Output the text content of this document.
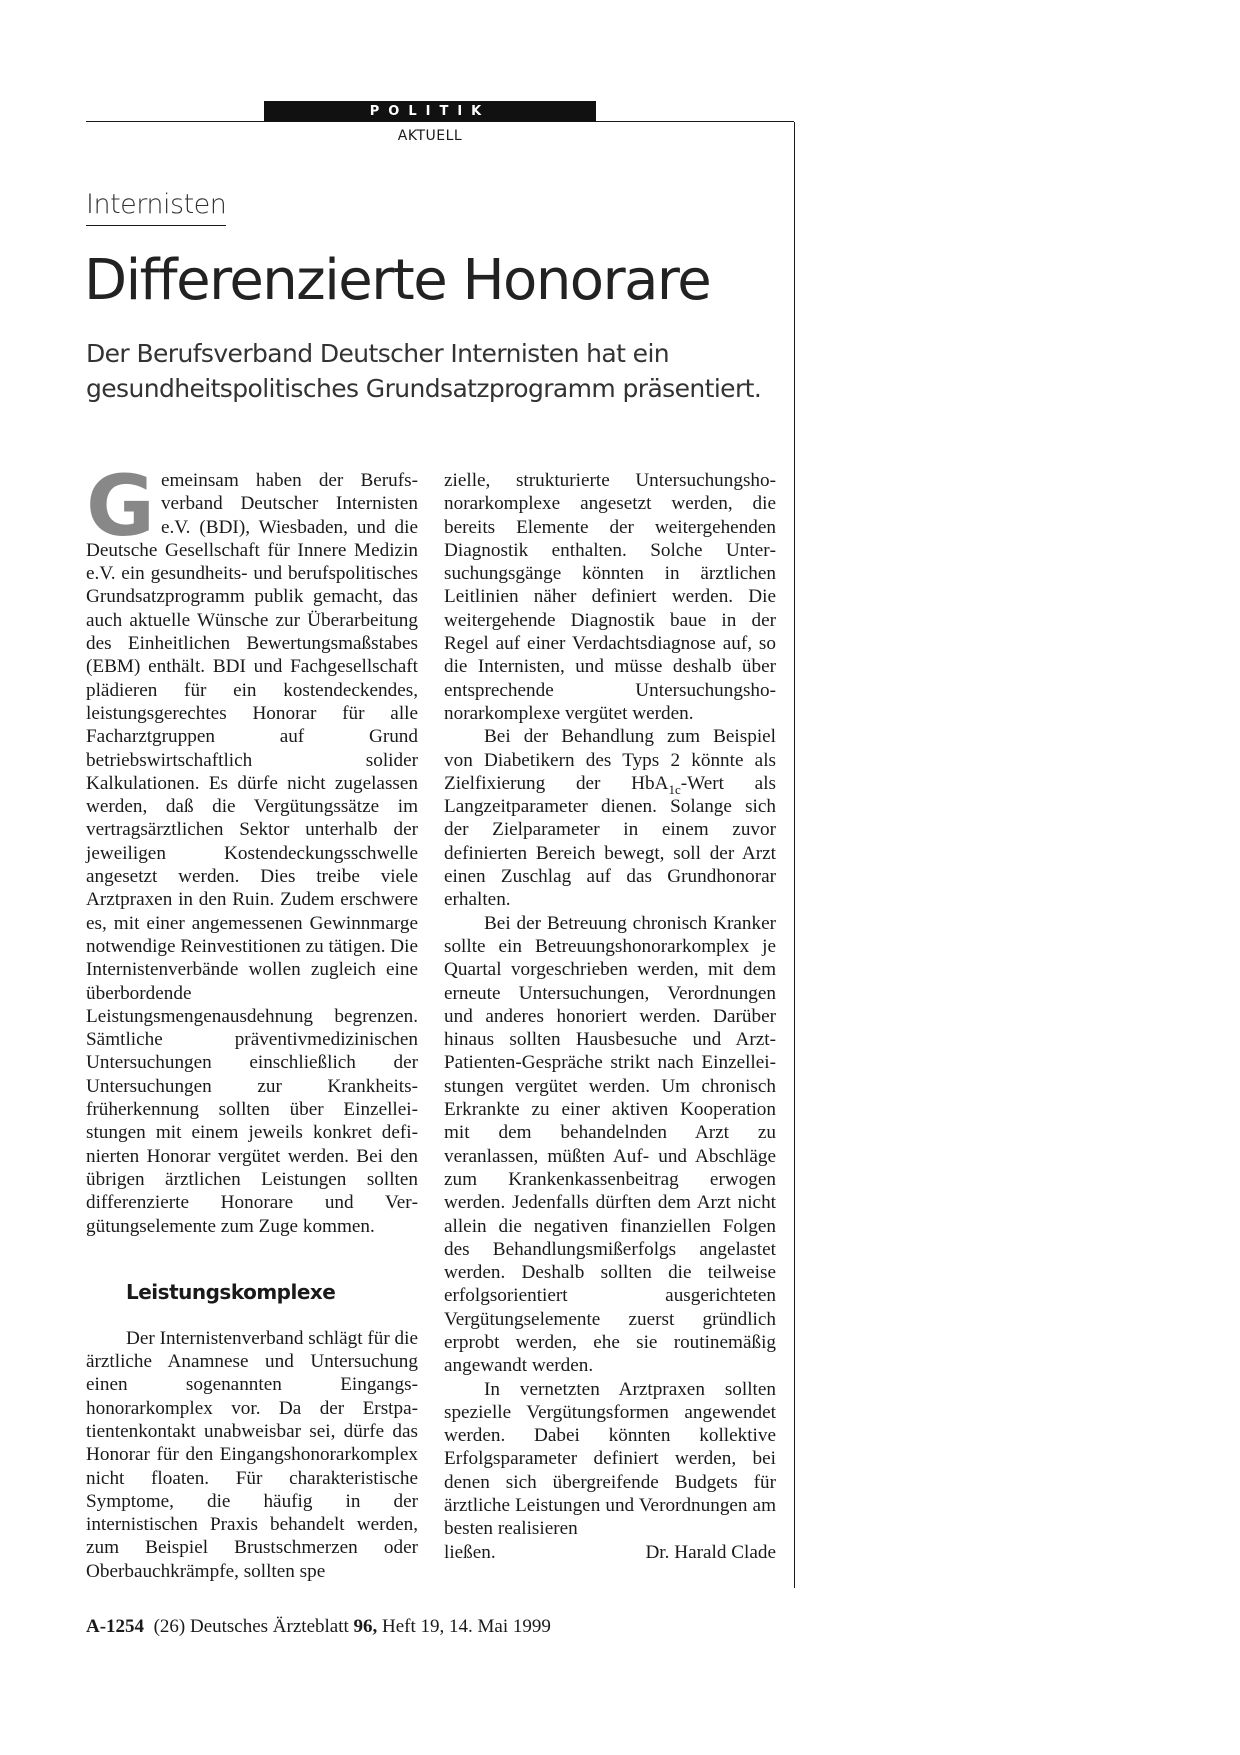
POLITIK
AKTUELL
Internisten
Differenzierte Honorare
Der Berufsverband Deutscher Internisten hat ein gesundheitspolitisches Grundsatzprogramm präsentiert.

Gemeinsam haben der Berufsverband Deutscher Internisten e.V. (BDI), Wiesbaden, und die Deutsche Gesellschaft für Innere Medizin e.V. ein gesundheits- und berufspolitisches Grundsatzprogramm publik gemacht, das auch aktuelle Wünsche zur Überarbeitung des Einheitlichen Bewertungsmaßstabes (EBM) enthält. BDI und Fachgesellschaft plädieren für ein kostendeckendes, leistungsgerechtes Honorar für alle Facharztgruppen auf Grund betriebswirtschaftlich solider Kalkulationen. Es dürfe nicht zugelassen werden, daß die Vergütungssätze im vertragsärztlichen Sektor unterhalb der jeweiligen Kostendeckungsschwelle angesetzt werden. Dies treibe viele Arztpraxen in den Ruin. Zudem erschwere es, mit einer angemessenen Gewinnmarge notwendige Reinvestitionen zu tätigen. Die Internistenverbände wollen zugleich eine überbordende Leistungsmengenausdehnung begrenzen. Sämtliche präventivmedizinischen Untersuchungen einschließlich der Untersuchungen zur Krankheitsfrüherkennung sollten über Einzelleistungen mit einem jeweils konkret definierten Honorar vergütet werden. Bei den übrigen ärztlichen Leistungen sollten differenzierte Honorare und Vergütungselemente zum Zuge kommen.

Leistungskomplexe

Der Internistenverband schlägt für die ärztliche Anamnese und Untersuchung einen sogenannten Eingangshonorarkomplex vor. Da der Erstpatientenkontakt unabweisbar sei, dürfe das Honorar für den Eingangshonorarkomplex nicht floaten. Für charakteristische Symptome, die häufig in der internistischen Praxis behandelt werden, zum Beispiel Brustschmerzen oder Oberbauchkrämpfe, sollten spe

zielle, strukturierte Untersuchungshonorarkomplexe angesetzt werden, die bereits Elemente der weitergehenden Diagnostik enthalten. Solche Untersuchungsgänge könnten in ärztlichen Leitlinien näher definiert werden. Die weitergehende Diagnostik baue in der Regel auf einer Verdachtsdiagnose auf, so die Internisten, und müsse deshalb über entsprechende Untersuchungshonorarkomplexe vergütet werden.

Bei der Behandlung zum Beispiel von Diabetikern des Typs 2 könnte als Zielfixierung der HbA$_{1c}$-Wert als Langzeitparameter dienen. Solange sich der Zielparameter in einem zuvor definierten Bereich bewegt, soll der Arzt einen Zuschlag auf das Grundhonorar erhalten.

Bei der Betreuung chronisch Kranker sollte ein Betreuungshonorarkomplex je Quartal vorgeschrieben werden, mit dem erneute Untersuchungen, Verordnungen und anderes honoriert werden. Darüber hinaus sollten Hausbesuche und Arzt-Patienten-Gespräche strikt nach Einzelleistungen vergütet werden. Um chronisch Erkrankte zu einer aktiven Kooperation mit dem behandelnden Arzt zu veranlassen, müßten Auf- und Abschläge zum Krankenkassenbeitrag erwogen werden. Jedenfalls dürften dem Arzt nicht allein die negativen finanziellen Folgen des Behandlungsmißerfolgs angelastet werden. Deshalb sollten die teilweise erfolgsorientiert ausgerichteten Vergütungselemente zuerst gründlich erprobt werden, ehe sie routinemäßig angewandt werden.

In vernetzten Arztpraxen sollten spezielle Vergütungsformen angewendet werden. Dabei könnten kollektive Erfolgsparameter definiert werden, bei denen sich übergreifende Budgets für ärztliche Leistungen und Verordnungen am besten realisieren

ließen.	Dr. Harald Clade
A-1254 (26) Deutsches Ärzteblatt 96, Heft 19, 14. Mai 1999
